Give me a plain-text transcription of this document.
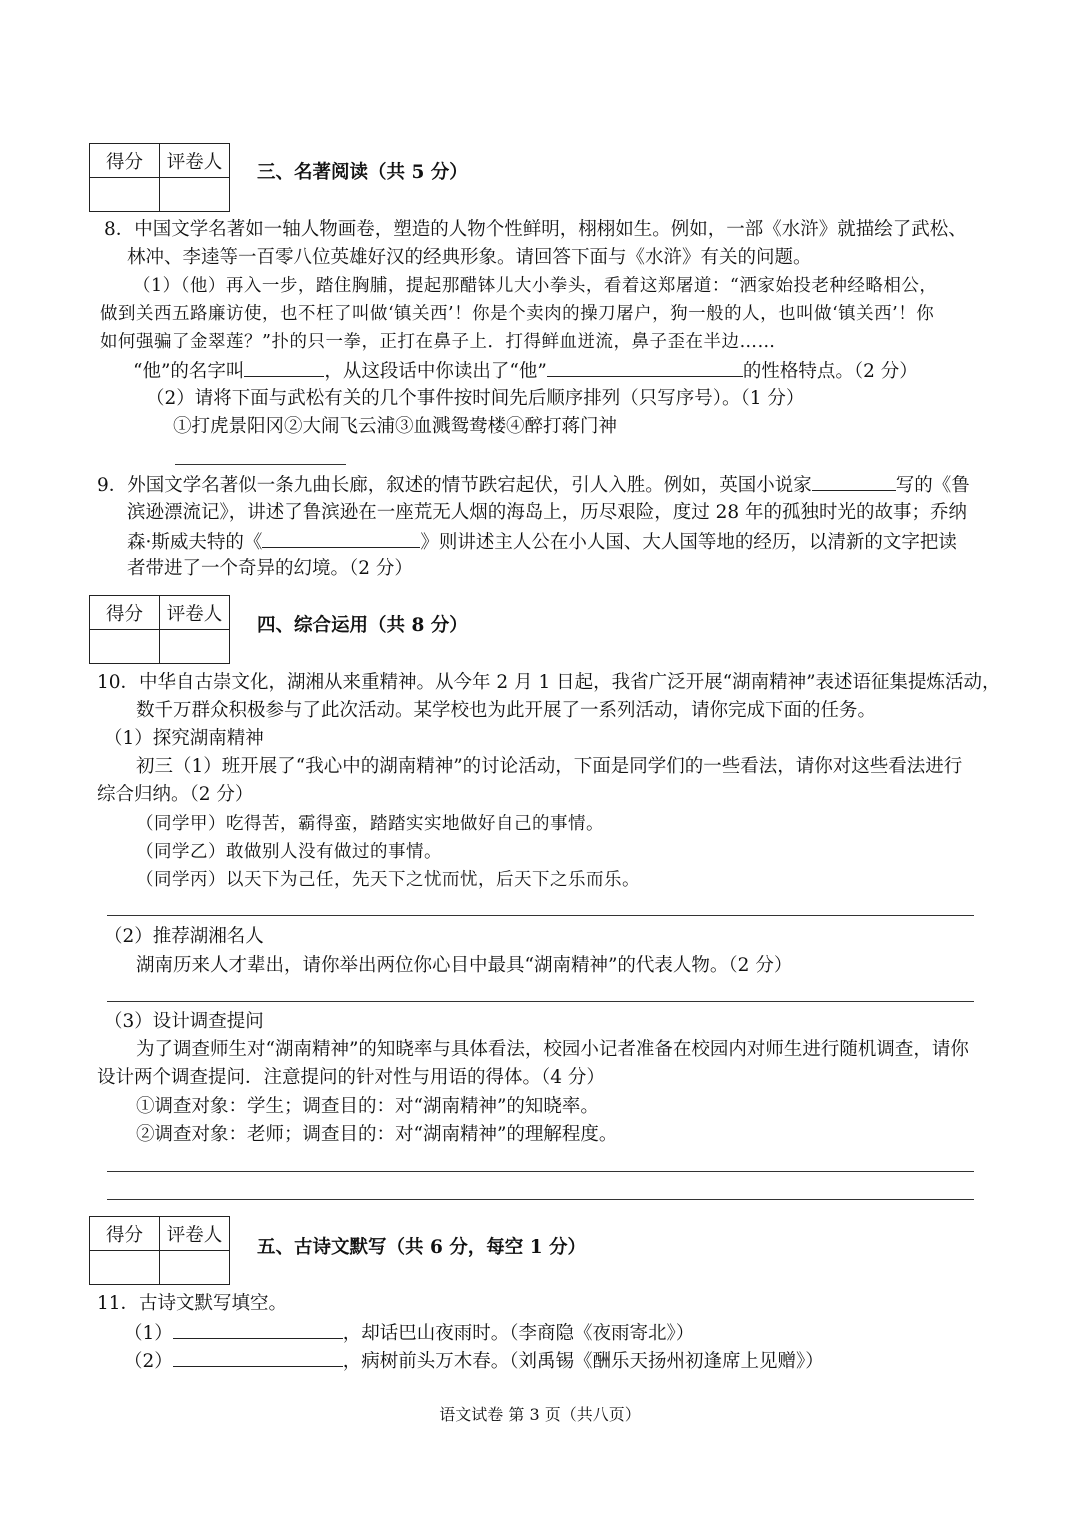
得分	评卷人
	三、名著阅读（共 5 分）
8．中国文学名著如一轴人物画卷，塑造的人物个性鲜明，栩栩如生。例如，一部《水浒》就描绘了武松、
林冲、李逵等一百零八位英雄好汉的经典形象。请回答下面与《水浒》有关的问题。
（1）（他）再入一步，踏住胸脯，提起那醋钵儿大小拳头，看着这郑屠道：“洒家始投老种经略相公，
做到关西五路廉访使，也不枉了叫做‘镇关西’！你是个卖肉的操刀屠户，狗一般的人，也叫做‘镇关西’！你
如何强骗了金翠莲？”扑的只一拳，正打在鼻子上．打得鲜血迸流，鼻子歪在半边……
“他”的名字叫	，从这段话中你读出了“他”	的性格特点。（2 分）
（2）请将下面与武松有关的几个事件按时间先后顺序排列（只写序号）。（1 分）
①打虎景阳冈②大闹飞云浦③血溅鸳鸯楼④醉打蒋门神
9．外国文学名著似一条九曲长廊，叙述的情节跌宕起伏，引人入胜。例如，英国小说家	写的《鲁
滨逊漂流记》，讲述了鲁滨逊在一座荒无人烟的海岛上，历尽艰险，度过 28 年的孤独时光的故事；乔纳
森·斯威夫特的《	》则讲述主人公在小人国、大人国等地的经历，以清新的文字把读
者带进了一个奇异的幻境。（2 分）
得分	评卷人

四、综合运用（共 8 分）
10．中华自古崇文化，湖湘从来重精神。从今年 2 月 1 日起，我省广泛开展“湖南精神”表述语征集提炼活动，
数千万群众积极参与了此次活动。某学校也为此开展了一系列活动，请你完成下面的任务。
（1）探究湖南精神
初三（1）班开展了“我心中的湖南精神”的讨论活动，下面是同学们的一些看法，请你对这些看法进行
综合归纳。（2 分）
（同学甲）吃得苦，霸得蛮，踏踏实实地做好自己的事情。
（同学乙）敢做别人没有做过的事情。
（同学丙）以天下为己任，先天下之忧而忧，后天下之乐而乐。
（2）推荐湖湘名人
湖南历来人才辈出，请你举出两位你心目中最具“湖南精神”的代表人物。（2 分）
（3）设计调查提问
为了调查师生对“湖南精神”的知晓率与具体看法，校园小记者准备在校园内对师生进行随机调查，请你
设计两个调查提问．注意提问的针对性与用语的得体。（4 分）
①调查对象：学生；调查目的：对“湖南精神”的知晓率。
②调查对象：老师；调查目的：对“湖南精神”的理解程度。
得分	评卷人

五、古诗文默写（共 6 分，每空 1 分）
11．古诗文默写填空。
（1）	，却话巴山夜雨时。（李商隐《夜雨寄北》）
（2）	，病树前头万木春。（刘禹锡《酬乐天扬州初逢席上见赠》）
语文试卷 第 3 页（共八页）
